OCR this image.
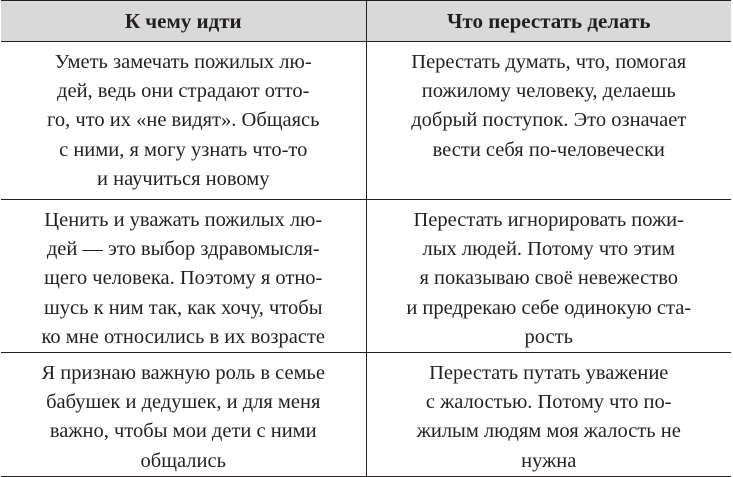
К чему идти	Что перестать делать

Уметь замечать пожилых лю-
дей, ведь они страдают отто-
го, что их «не видят». Общаясь
с ними, я могу узнать что-то
и научиться новому	Перестать думать, что, помогая
пожилому человеку, делаешь
добрый поступок. Это означает
вести себя по-человечески

Ценить и уважать пожилых лю-
дей — это выбор здравомысля-
щего человека. Поэтому я отно-
шусь к ним так, как хочу, чтобы
ко мне относились в их возрасте	Перестать игнорировать пожи-
лых людей. Потому что этим
я показываю своё невежество
и предрекаю себе одинокую ста-
рость

Я признаю важную роль в семье
бабушек и дедушек, и для меня
важно, чтобы мои дети с ними
общались	Перестать путать уважение
с жалостью. Потому что по-
жилым людям моя жалость не
нужна
